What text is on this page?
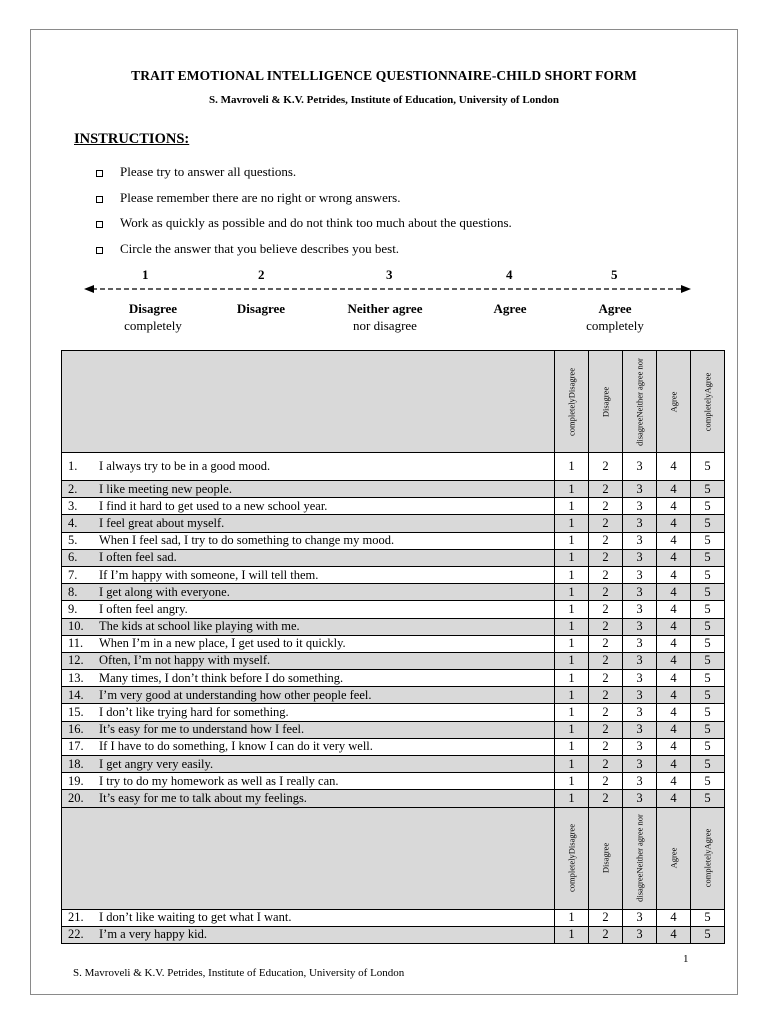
TRAIT EMOTIONAL INTELLIGENCE QUESTIONNAIRE-CHILD SHORT FORM
S. Mavroveli & K.V. Petrides, Institute of Education, University of London
INSTRUCTIONS:
Please try to answer all questions.
Please remember there are no right or wrong answers.
Work as quickly as possible and do not think too much about the questions.
Circle the answer that you believe describes you best.
1	2	3	4	5
Disagree
completely
Disagree	Neither agree
nor disagree
Agree	Agree
completely

	completelyDisagree	Disagree	disagreeNeither agree nor	Agree	completelyAgree

1. I always try to be in a good mood.	1	2	3	4	5
2. I like meeting new people.	1	2	3	4	5
3. I find it hard to get used to a new school year.	1	2	3	4	5
4. I feel great about myself.	1	2	3	4	5
5. When I feel sad, I try to do something to change my mood.	1	2	3	4	5
6. I often feel sad.	1	2	3	4	5
7. If I’m happy with someone, I will tell them.	1	2	3	4	5
8. I get along with everyone.	1	2	3	4	5
9. I often feel angry.	1	2	3	4	5
10. The kids at school like playing with me.	1	2	3	4	5
11. When I’m in a new place, I get used to it quickly.	1	2	3	4	5
12. Often, I’m not happy with myself.	1	2	3	4	5
13. Many times, I don’t think before I do something.	1	2	3	4	5
14. I’m very good at understanding how other people feel.	1	2	3	4	5
15. I don’t like trying hard for something.	1	2	3	4	5
16. It’s easy for me to understand how I feel.	1	2	3	4	5
17. If I have to do something, I know I can do it very well.	1	2	3	4	5
18. I get angry very easily.	1	2	3	4	5
19. I try to do my homework as well as I really can.	1	2	3	4	5
20. It’s easy for me to talk about my feelings.	1	2	3	4	5

	completelyDisagree	Disagree	disagreeNeither agree nor	Agree	completelyAgree

21. I don’t like waiting to get what I want.	1	2	3	4	5
22. I’m a very happy kid.	1	2	3	4	5
1
S. Mavroveli & K.V. Petrides, Institute of Education, University of London
